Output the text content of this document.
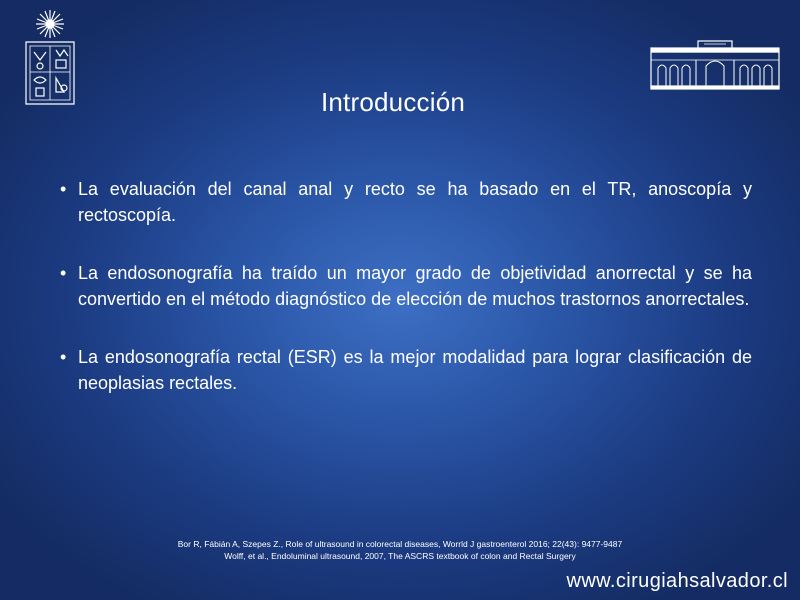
Introducción
• La evaluación del canal anal y recto se ha basado en el TR, anoscopía y rectoscopía.
• La endosonografía ha traído un mayor grado de objetividad anorrectal y se ha convertido en el método diagnóstico de elección de muchos trastornos anorrectales.
• La endosonografía rectal (ESR) es la mejor modalidad para lograr clasificación de neoplasias rectales.
Bor R, Fábián A, Szepes Z., Role of ultrasound in colorectal diseases, Worrld J gastroenterol 2016; 22(43): 9477-9487
Wolff, et al., Endoluminal ultrasound, 2007, The ASCRS textbook of colon and Rectal Surgery
www.cirugiahsalvador.cl
